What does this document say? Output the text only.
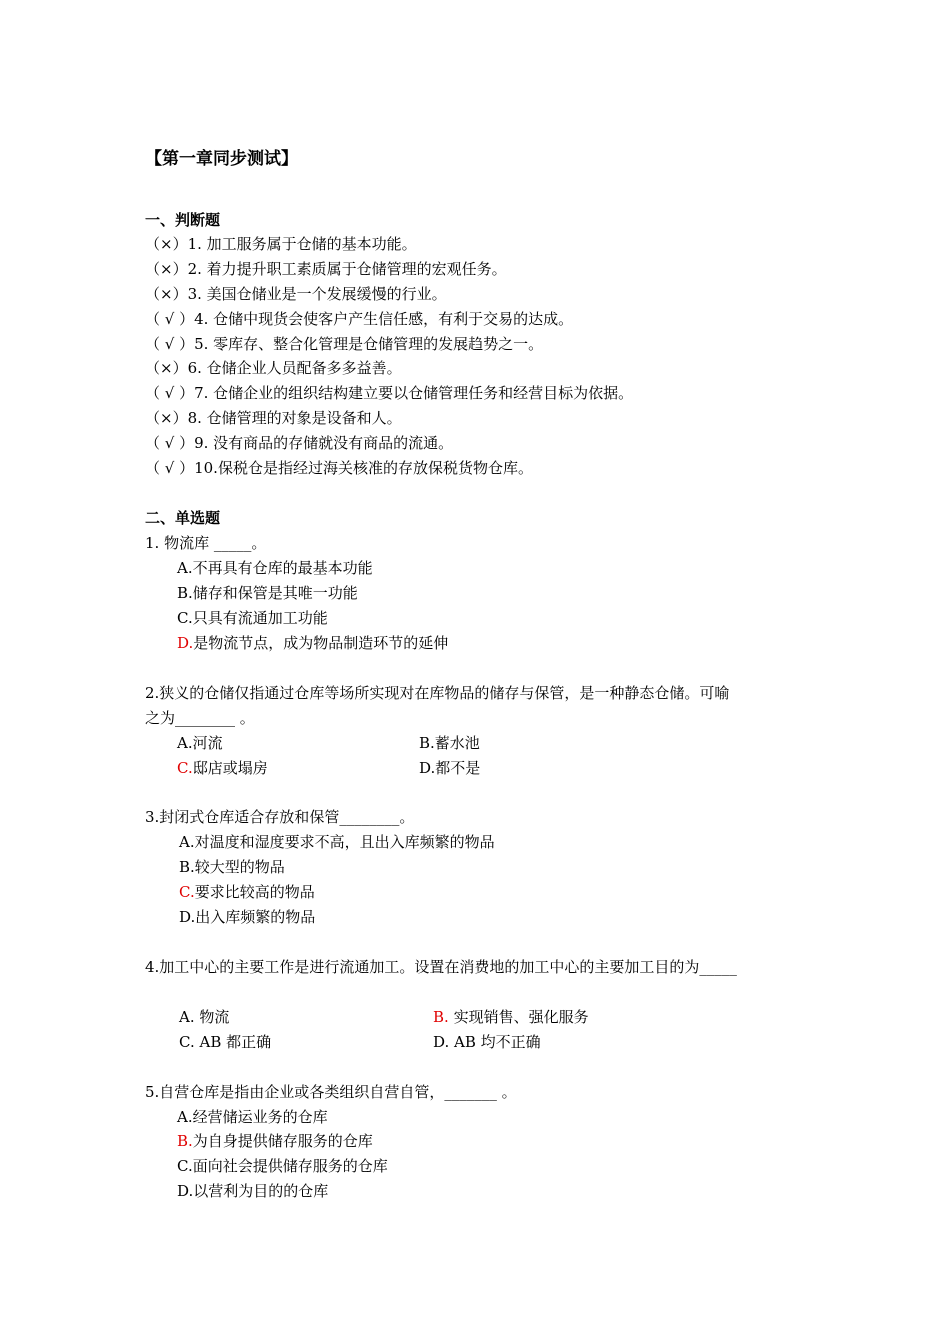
【第一章同步测试】
一、判断题
（×）1. 加工服务属于仓储的基本功能。
（×）2. 着力提升职工素质属于仓储管理的宏观任务。
（×）3. 美国仓储业是一个发展缓慢的行业。
（ √ ）4. 仓储中现货会使客户产生信任感，有利于交易的达成。
（ √ ）5. 零库存、整合化管理是仓储管理的发展趋势之一。
（×）6. 仓储企业人员配备多多益善。
（ √ ）7. 仓储企业的组织结构建立要以仓储管理任务和经营目标为依据。
（×）8. 仓储管理的对象是设备和人。
（ √ ）9. 没有商品的存储就没有商品的流通。
（ √ ）10.保税仓是指经过海关核准的存放保税货物仓库。
二、单选题
1. 物流库 _____。
A.不再具有仓库的最基本功能
B.储存和保管是其唯一功能
C.只具有流通加工功能
D.是物流节点，成为物品制造环节的延伸
2.狭义的仓储仅指通过仓库等场所实现对在库物品的储存与保管，是一种静态仓储。可喻
之为________ 。
A.河流	B.蓄水池
C.邸店或塌房	D.都不是
3.封闭式仓库适合存放和保管________。
A.对温度和湿度要求不高，且出入库频繁的物品
B.较大型的物品
C.要求比较高的物品
D.出入库频繁的物品
4.加工中心的主要工作是进行流通加工。设置在消费地的加工中心的主要加工目的为_____
A. 物流	B. 实现销售、强化服务
C. AB 都正确	D. AB 均不正确
5.自营仓库是指由企业或各类组织自营自管，_______ 。
A.经营储运业务的仓库
B.为自身提供储存服务的仓库
C.面向社会提供储存服务的仓库
D.以营利为目的的仓库
